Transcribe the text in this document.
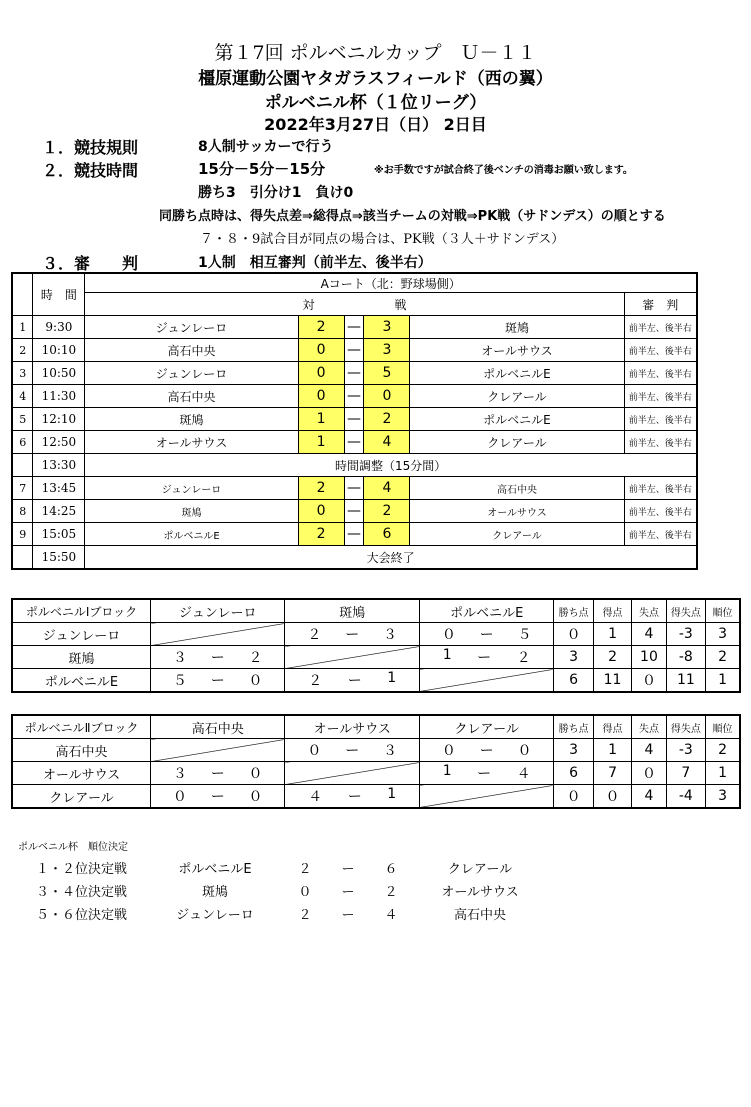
第１7回 ポルベニルカップ　Ｕ－１１
橿原運動公園ヤタガラスフィールド（西の翼）
ポルベニル杯（１位リーグ）
2022年3月27日（日） 2日目
１．競技規則	8人制サッカーで行う
２．競技時間	15分－5分－15分	※お手数ですが試合終了後ベンチの消毒お願い致します。
勝ち3　引分け1　負け0
同勝ち点時は、得失点差⇒総得点⇒該当チームの対戦⇒PK戦（サドンデス）の順とする
７・８・9試合目が同点の場合は、PK戦（３人＋サドンデス）
３．審　　判	1人制　相互審判（前半左、後半右）
	時　間	Aコート（北：野球場側）					
		対 戦					審　判
1	9:30	ジュンレーロ	2	—	3	斑鳩	前半左、後半右
2	10:10	高石中央	0	—	3	オールサウス	前半左、後半右
3	10:50	ジュンレーロ	0	—	5	ポルベニルE	前半左、後半右
4	11:30	高石中央	0	—	0	クレアール	前半左、後半右
5	12:10	斑鳩	1	—	2	ポルベニルE	前半左、後半右
6	12:50	オールサウス	1	—	4	クレアール	前半左、後半右
	13:30	時間調整（15分間）					
7	13:45	ジュンレーロ	2	—	4	高石中央	前半左、後半右
8	14:25	斑鳩	0	—	2	オールサウス	前半左、後半右
9	15:05	ポルベニルE	2	—	6	クレアール	前半左、後半右
	15:50	大会終了					
ポルベニルⅠブロック	ジュンレーロ	斑鳩	ポルベニルE	勝ち点	得点	失点	得失点	順位
ジュンレーロ		２ ー ３	０ ー ５	０	1	4	-3	3
斑鳩	３ ー ２		1 ー ２	3	2	10	-8	2
ポルベニルE	５ ー ０	２ ー 1		6	11	０	11	1
ポルベニルⅡブロック	高石中央	オールサウス	クレアール	勝ち点	得点	失点	得失点	順位
高石中央		０ ー ３	０ ー ０	3	1	4	-3	2
オールサウス	３ ー ０		1 ー ４	6	7	０	7	1
クレアール	０ ー ０	４ ー 1		０	０	4	-4	3
ポルベニル杯　順位決定
１・２位決定戦	ポルベニルE	２ ー ６	クレアール
３・４位決定戦	斑鳩	０ ー ２	オールサウス
５・６位決定戦	ジュンレーロ	２ ー ４	高石中央
